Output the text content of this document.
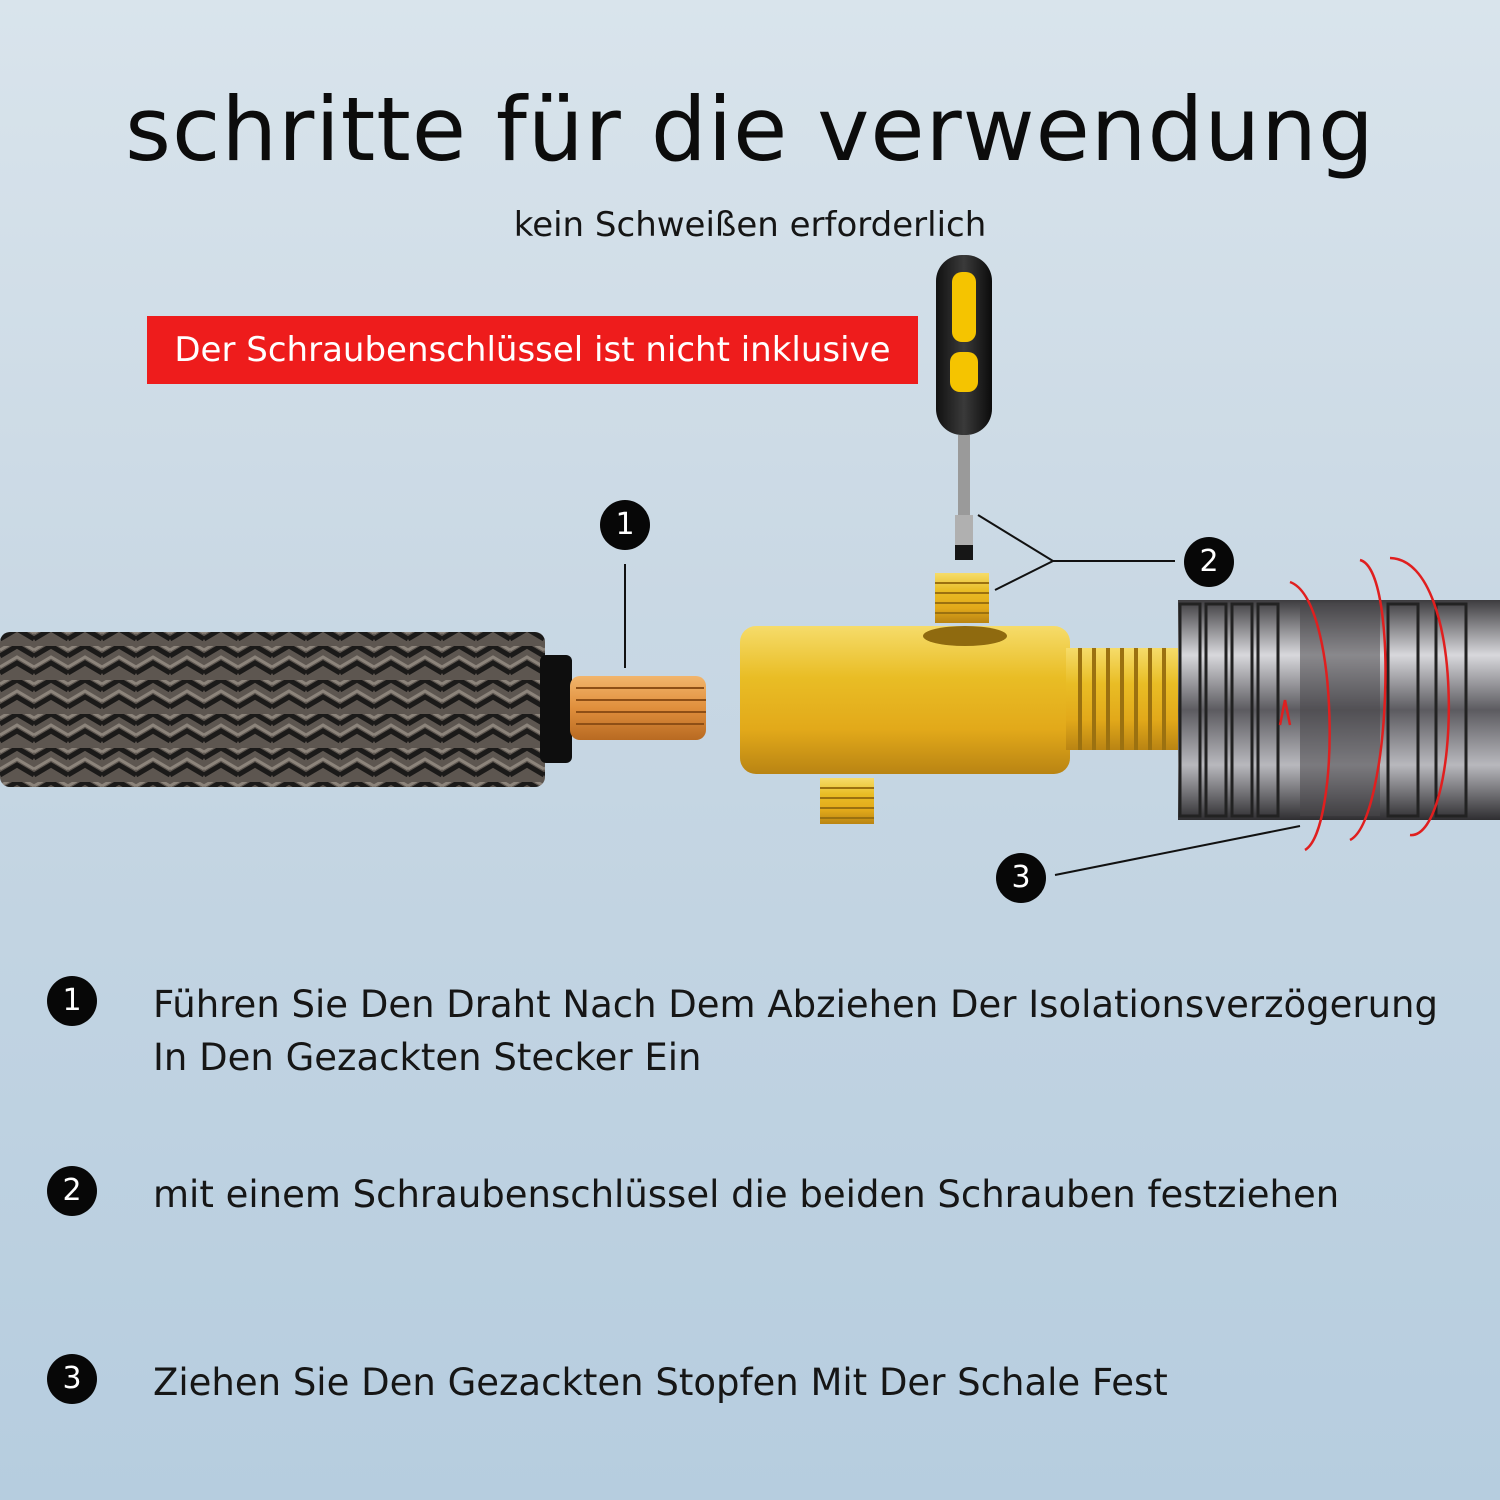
schritte für die verwendung
kein Schweißen erforderlich
Der Schraubenschlüssel ist nicht inklusive
1
2
3
1	Führen Sie Den Draht Nach Dem Abziehen Der Isolationsverzögerung In Den Gezackten Stecker Ein
2	mit einem Schraubenschlüssel die beiden Schrauben festziehen
3	Ziehen Sie Den Gezackten Stopfen Mit Der Schale Fest
